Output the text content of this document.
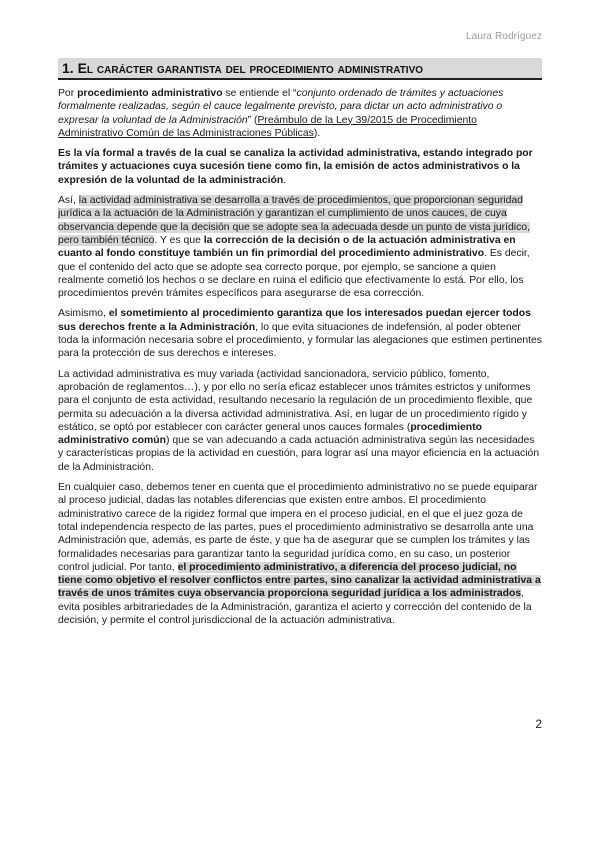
Laura Rodríguez
1. El carácter garantista del procedimiento administrativo

Por procedimiento administrativo se entiende el “conjunto ordenado de trámites y actuaciones formalmente realizadas, según el cauce legalmente previsto, para dictar un acto administrativo o expresar la voluntad de la Administración” (Preámbulo de la Ley 39/2015 de Procedimiento Administrativo Común de las Administraciones Públicas).

Es la vía formal a través de la cual se canaliza la actividad administrativa, estando integrado por trámites y actuaciones cuya sucesión tiene como fin, la emisión de actos administrativos o la expresión de la voluntad de la administración.

Así, la actividad administrativa se desarrolla a través de procedimientos, que proporcionan seguridad jurídica a la actuación de la Administración y garantizan el cumplimiento de unos cauces, de cuya observancia depende que la decisión que se adopte sea la adecuada desde un punto de vista jurídico, pero también técnico. Y es que la corrección de la decisión o de la actuación administrativa en cuanto al fondo constituye también un fin primordial del procedimiento administrativo. Es decir, que el contenido del acto que se adopte sea correcto porque, por ejemplo, se sancione a quien realmente cometió los hechos o se declare en ruina el edificio que efectivamente lo está. Por ello, los procedimientos prevén trámites específicos para asegurarse de esa corrección.

Asimismo, el sometimiento al procedimiento garantiza que los interesados puedan ejercer todos sus derechos frente a la Administración, lo que evita situaciones de indefensión, al poder obtener toda la información necesaria sobre el procedimiento, y formular las alegaciones que estimen pertinentes para la protección de sus derechos e intereses.

La actividad administrativa es muy variada (actividad sancionadora, servicio público, fomento, aprobación de reglamentos…), y por ello no sería eficaz establecer unos trámites estrictos y uniformes para el conjunto de esta actividad, resultando necesario la regulación de un procedimiento flexible, que permita su adecuación a la diversa actividad administrativa. Así, en lugar de un procedimiento rígido y estático, se optó por establecer con carácter general unos cauces formales (procedimiento administrativo común) que se van adecuando a cada actuación administrativa según las necesidades y características propias de la actividad en cuestión, para lograr así una mayor eficiencia en la actuación de la Administración.

En cualquier caso, debemos tener en cuenta que el procedimiento administrativo no se puede equiparar al proceso judicial, dadas las notables diferencias que existen entre ambos. El procedimiento administrativo carece de la rigidez formal que impera en el proceso judicial, en el que el juez goza de total independencia respecto de las partes, pues el procedimiento administrativo se desarrolla ante una Administración que, además, es parte de éste, y que ha de asegurar que se cumplen los trámites y las formalidades necesarias para garantizar tanto la seguridad jurídica como, en su caso, un posterior control judicial. Por tanto, el procedimiento administrativo, a diferencia del proceso judicial, no tiene como objetivo el resolver conflictos entre partes, sino canalizar la actividad administrativa a través de unos trámites cuya observancia proporciona seguridad jurídica a los administrados, evita posibles arbitrariedades de la Administración, garantiza el acierto y corrección del contenido de la decisión, y permite el control jurisdiccional de la actuación administrativa.

2
